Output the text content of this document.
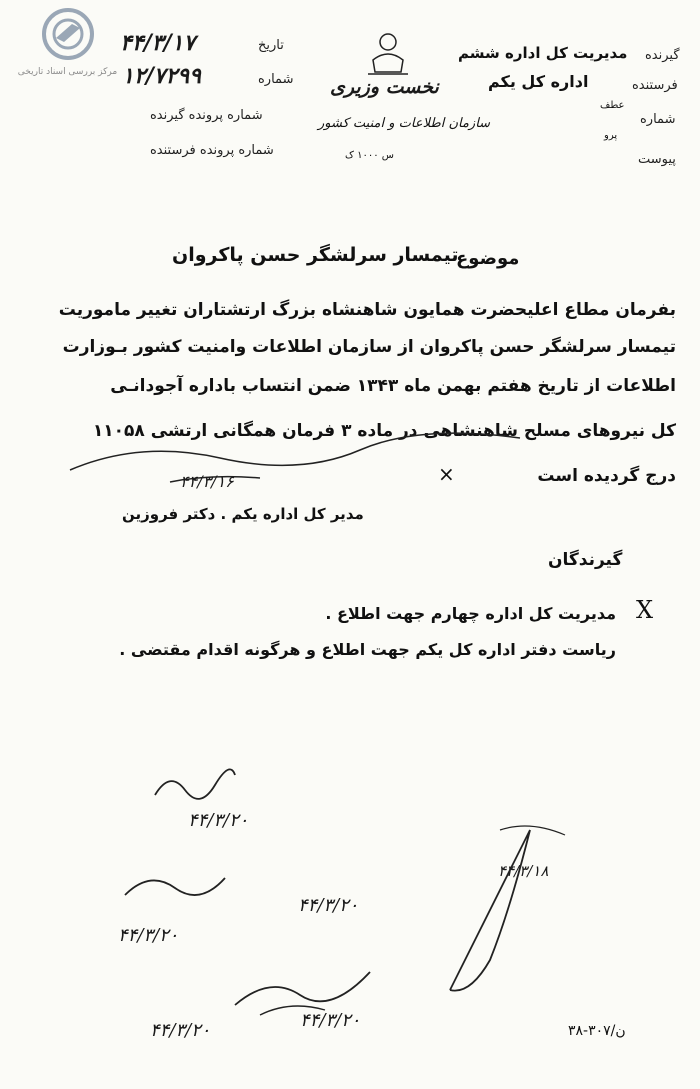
مرکز بررسی اسناد تاریخی
تاریخ
۴۴/۳/۱۷
شماره
۱۲/۷۲۹۹
شماره پرونده گیرنده
شماره پرونده فرستنده
نخست وزیری
سازمان اطلاعات و امنیت کشور
س ۱۰۰۰ ک
گیرنده
مدیریت کل اداره ششم
فرستنده
اداره کل یکم
عطف
شماره
پرو
پیوست
موضوع
تیمسار سرلشگر حسن پاکروان
بفرمان مطاع اعلیحضرت همایون شاهنشاه بزرگ ارتشتاران تغییر ماموریت
تیمسار سرلشگر حسن پاکروان از سازمان اطلاعات وامنیت کشور بـوزارت
اطلاعات از تاریخ هفتم بهمن ماه ۱۳۴۳ ضمن انتساب باداره آجودانـی
کل نیروهای مسلح شاهنشاهی در ماده ۳ فرمان همگانی ارتشی ۱۱۰۵۸
درج گردیده است
×
۴۴/۳/۱۶
مدیر کل اداره یکم . دکتر فروزین
گیرندگان
X
مدیریت کل اداره چهارم جهت اطلاع .
ریاست دفتر اداره کل یکم جهت اطلاع و هرگونه اقدام مقتضی .
۴۴/۳/۲۰
۴۴/۳/۲۰
۴۴/۳/۲۰
۴۴/۳/۱۸
۴۴/۳/۲۰	۴۴/۳/۲۰	ن/۳۰۷-۳۸
